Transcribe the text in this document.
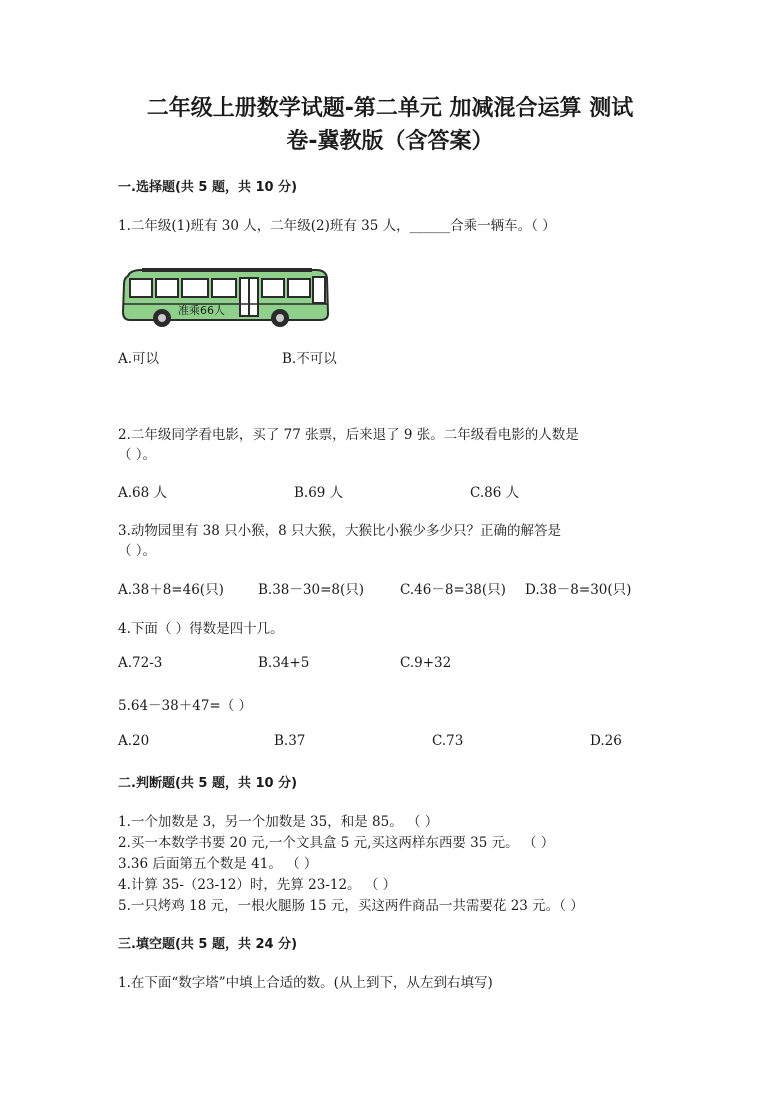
二年级上册数学试题-第二单元 加减混合运算 测试
卷-冀教版（含答案）
一.选择题(共 5 题，共 10 分)
1.二年级(1)班有 30 人，二年级(2)班有 35 人，______合乘一辆车。（ ）
准乘66人
A.可以	B.不可以
2.二年级同学看电影，买了 77 张票，后来退了 9 张。二年级看电影的人数是
（ ）。
A.68 人	B.69 人	C.86 人
3.动物园里有 38 只小猴，8 只大猴，大猴比小猴少多少只？正确的解答是
（ ）。
A.38＋8=46(只)	B.38－30=8(只)	C.46－8=38(只) D.38－8=30(只)
4.下面（ ）得数是四十几。
A.72-3	B.34+5	C.9+32
5.64－38＋47=（ ）
A.20	B.37	C.73	D.26
二.判断题(共 5 题，共 10 分)
1.一个加数是 3，另一个加数是 35，和是 85。 （ ）
2.买一本数学书要 20 元,一个文具盒 5 元,买这两样东西要 35 元。 （ ）
3.36 后面第五个数是 41。 （ ）
4.计算 35-（23-12）时，先算 23-12。 （ ）
5.一只烤鸡 18 元，一根火腿肠 15 元，买这两件商品一共需要花 23 元。（ ）
三.填空题(共 5 题，共 24 分)
1.在下面“数字塔”中填上合适的数。(从上到下，从左到右填写)
